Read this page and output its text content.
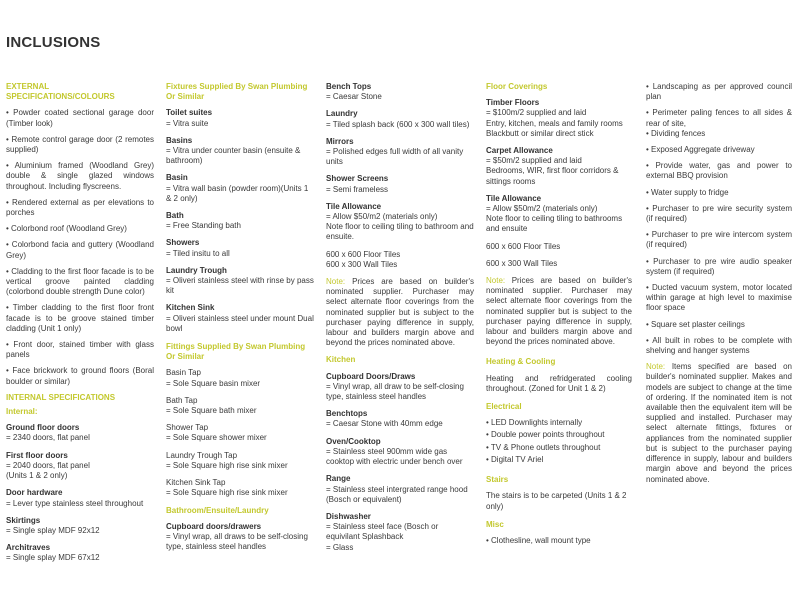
INCLUSIONS
EXTERNAL SPECIFICATIONS/COLOURS
• Powder coated sectional garage door (Timber look)
• Remote control garage door (2 remotes supplied)
• Aluminium framed (Woodland Grey) double & single glazed windows throughout. Including flyscreens.
• Rendered external as per elevations to porches
• Colorbond roof (Woodland Grey)
• Colorbond facia and guttery (Woodland Grey)
• Cladding to the first floor facade is to be vertical groove painted cladding (colorbond double strength Dune color)
• Timber cladding to the first floor front facade is to be groove stained timber cladding (Unit 1 only)
• Front door, stained timber with glass panels
• Face brickwork to ground floors (Boral boulder or similar)
INTERNAL SPECIFICATIONS
Internal:
Ground floor doors
= 2340 doors, flat panel
First floor doors
= 2040 doors, flat panel
(Units 1 & 2 only)
Door hardware
= Lever type stainless steel throughout
Skirtings
= Single splay MDF 92x12
Architraves
= Single splay MDF 67x12
Fixtures Supplied By Swan Plumbing Or Similar
Toilet suites
= Vitra suite
Basins
= Vitra under counter basin (ensuite & bathroom)
Basin
= Vitra wall basin (powder room)(Units 1 & 2 only)
Bath
= Free Standing bath
Showers
= Tiled insitu to all
Laundry Trough
= Oliveri stainless steel with rinse by pass kit
Kitchen Sink
= Oliveri stainless steel under mount Dual bowl
Fittings Supplied By Swan Plumbing Or Similar
Basin Tap
= Sole Square basin mixer
Bath Tap
= Sole Square bath mixer
Shower Tap
= Sole Square shower mixer
Laundry Trough Tap
= Sole Square high rise sink mixer
Kitchen Sink Tap
= Sole Square high rise sink mixer
Bathroom/Ensuite/Laundry
Cupboard doors/drawers
= Vinyl wrap, all draws to be self-closing type, stainless steel handles
Bench Tops
= Caesar Stone
Laundry
= Tiled splash back (600 x 300 wall tiles)
Mirrors
= Polished edges full width of all vanity units
Shower Screens
= Semi frameless
Tile Allowance
= Allow $50/m2 (materials only)
Note floor to ceiling tiling to bathroom and ensuite.
600 x 600 Floor Tiles
600 x 300 Wall Tiles
Note: Prices are based on builder's nominated supplier. Purchaser may select alternate floor coverings from the nominated supplier but is subject to the purchaser paying difference in supply, labour and builders margin above and beyond the prices nominated above.
Kitchen
Cupboard Doors/Draws
= Vinyl wrap, all draw to be self-closing type, stainless steel handles
Benchtops
= Caesar Stone with 40mm edge
Oven/Cooktop
= Stainless steel 900mm wide gas cooktop with electric under bench over
Range
= Stainless steel intergrated range hood (Bosch or equivalent)
Dishwasher
= Stainless steel face (Bosch or equivilant Splashback
= Glass
Floor Coverings
Timber Floors
= $100m/2 supplied and laid
Entry, kitchen, meals and family rooms
Blackbutt or similar direct stick
Carpet Allowance
= $50m/2 supplied and laid
Bedrooms, WIR, first floor corridors & sittings rooms
Tile Allowance
= Allow $50m/2 (materials only)
Note floor to ceiling tiling to bathrooms and ensuite
600 x 600 Floor Tiles
600 x 300 Wall Tiles
Note: Prices are based on builder's nominated supplier. Purchaser may select alternate floor coverings from the nominated supplier but is subject to the purchaser paying difference in supply, labour and builders margin above and beyond the prices nominated above.
Heating & Cooling
Heating and refridgerated cooling throughout. (Zoned for Unit 1 & 2)
Electrical
• LED Downlights internally
• Double power points throughout
• TV & Phone outlets throughout
• Digital TV Ariel
Stairs
The stairs is to be carpeted (Units 1 & 2 only)
Misc
• Clothesline, wall mount type
• Landscaping as per approved council plan
• Perimeter paling fences to all sides & rear of site,
• Dividing fences
• Exposed Aggregate driveway
• Provide water, gas and power to external BBQ provision
• Water supply to fridge
• Purchaser to pre wire security system (if required)
• Purchaser to pre wire intercom system (if required)
• Purchaser to pre wire audio speaker system (if required)
• Ducted vacuum system, motor located within garage at high level to maximise floor space
• Square set plaster ceilings
• All built in robes to be complete with shelving and hanger systems
Note: Items specified are based on builder's nominated supplier. Makes and models are subject to change at the time of ordering. If the nominated item is not available then the equivalent item will be supplied and installed. Purchaser may select alternate fittings, fixtures or appliances from the nominated supplier but is subject to the purchaser paying difference in supply, labour and builders margin above and beyond the prices nominated above.
